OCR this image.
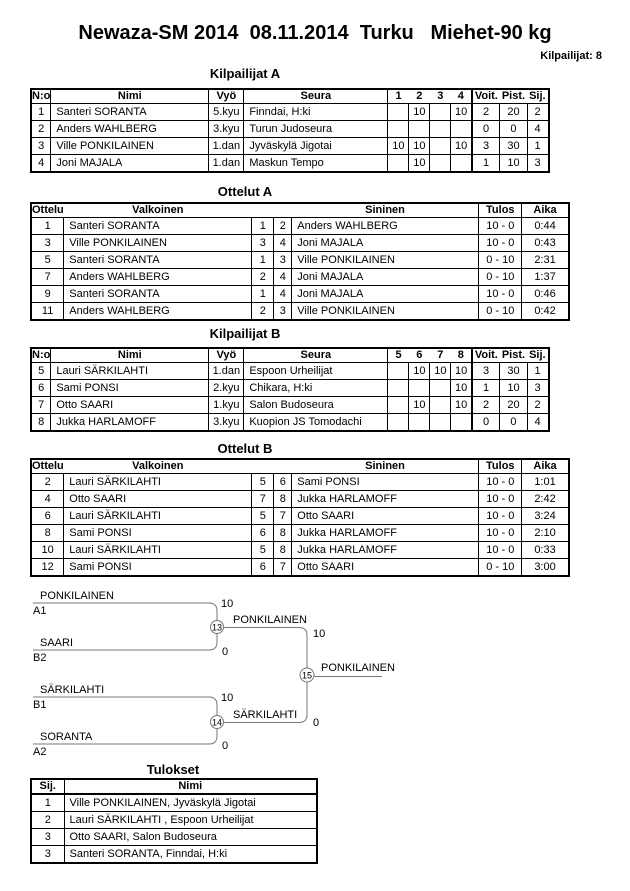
Newaza-SM 2014  08.11.2014  Turku   Miehet-90 kg
Kilpailijat: 8
Kilpailijat A
N:o	Nimi	Vyö	Seura	1	2	3	4	Voit.	Pist.	Sij.
1	Santeri SORANTA	5.kyu	Finndai, H:ki		10		10	2	20	2
2	Anders WAHLBERG	3.kyu	Turun Judoseura					0	0	4
3	Ville PONKILAINEN	1.dan	Jyväskylä Jigotai	10	10		10	3	30	1
4	Joni MAJALA	1.dan	Maskun Tempo		10			1	10	3
Ottelut A
Ottelu	Valkoinen			Sininen	Tulos	Aika
1	Santeri SORANTA	1	2	Anders WAHLBERG	10 - 0	0:44
3	Ville PONKILAINEN	3	4	Joni MAJALA	10 - 0	0:43
5	Santeri SORANTA	1	3	Ville PONKILAINEN	0 - 10	2:31
7	Anders WAHLBERG	2	4	Joni MAJALA	0 - 10	1:37
9	Santeri SORANTA	1	4	Joni MAJALA	10 - 0	0:46
11	Anders WAHLBERG	2	3	Ville PONKILAINEN	0 - 10	0:42
Kilpailijat B
N:o	Nimi	Vyö	Seura	5	6	7	8	Voit.	Pist.	Sij.
5	Lauri SÄRKILAHTI	1.dan	Espoon Urheilijat		10	10	10	3	30	1
6	Sami PONSI	2.kyu	Chikara, H:ki				10	1	10	3
7	Otto SAARI	1.kyu	Salon Budoseura		10		10	2	20	2
8	Jukka HARLAMOFF	3.kyu	Kuopion JS Tomodachi					0	0	4
Ottelut B
Ottelu	Valkoinen			Sininen	Tulos	Aika
2	Lauri SÄRKILAHTI	5	6	Sami PONSI	10 - 0	1:01
4	Otto SAARI	7	8	Jukka HARLAMOFF	10 - 0	2:42
6	Lauri SÄRKILAHTI	5	7	Otto SAARI	10 - 0	3:24
8	Sami PONSI	6	8	Jukka HARLAMOFF	10 - 0	2:10
10	Lauri SÄRKILAHTI	5	8	Jukka HARLAMOFF	10 - 0	0:33
12	Sami PONSI	6	7	Otto SAARI	0 - 10	3:00
13
14
15
PONKILAINEN
A1
10
SAARI
B2	0
PONKILAINEN
10
SÄRKILAHTI
B1
10
SORANTA
A2	0
SÄRKILAHTI
0
PONKILAINEN
Tulokset
Sij.	Nimi
1	Ville PONKILAINEN, Jyväskylä Jigotai
2	Lauri SÄRKILAHTI , Espoon Urheilijat
3	Otto SAARI, Salon Budoseura
3	Santeri SORANTA, Finndai, H:ki
